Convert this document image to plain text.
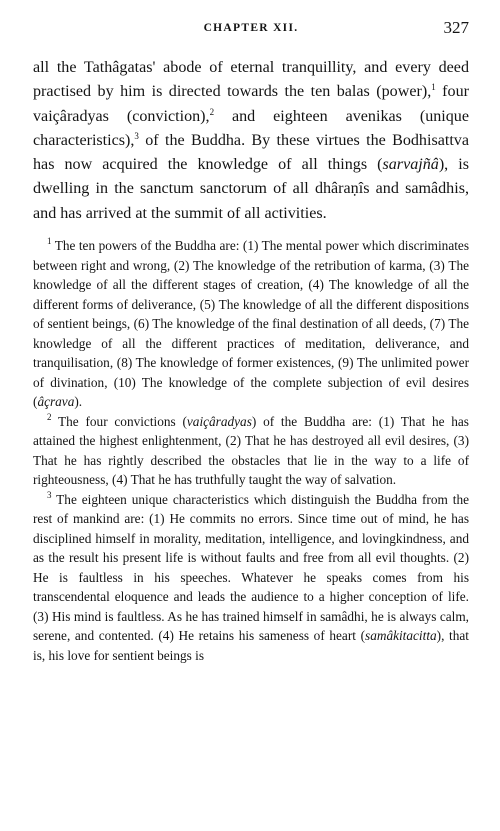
CHAPTER XII.	327

all the Tathâgatas' abode of eternal tranquillity, and every deed practised by him is directed towards the ten balas (power),$^1$ four vaiçâradyas (conviction),$^2$ and eighteen avenikas (unique characteristics),$^3$ of the Buddha. By these virtues the Bodhisattva has now acquired the knowledge of all things (sarvajñâ), is dwelling in the sanctum sanctorum of all dhâraṇîs and samâdhis, and has arrived at the summit of all activities.

$^1$ The ten powers of the Buddha are: (1) The mental power which discriminates between right and wrong, (2) The knowledge of the retribution of karma, (3) The knowledge of all the different stages of creation, (4) The knowledge of all the different forms of deliverance, (5) The knowledge of all the different dispositions of sentient beings, (6) The knowledge of the final destination of all deeds, (7) The knowledge of all the different practices of meditation, deliverance, and tranquilisation, (8) The knowledge of former existences, (9) The unlimited power of divination, (10) The knowledge of the complete subjection of evil desires (âçrava).

$^2$ The four convictions (vaiçâradyas) of the Buddha are: (1) That he has attained the highest enlightenment, (2) That he has destroyed all evil desires, (3) That he has rightly described the obstacles that lie in the way to a life of righteousness, (4) That he has truthfully taught the way of salvation.

$^3$ The eighteen unique characteristics which distinguish the Buddha from the rest of mankind are: (1) He commits no errors. Since time out of mind, he has disciplined himself in morality, meditation, intelligence, and lovingkindness, and as the result his present life is without faults and free from all evil thoughts. (2) He is faultless in his speeches. Whatever he speaks comes from his transcendental eloquence and leads the audience to a higher conception of life. (3) His mind is faultless. As he has trained himself in samâdhi, he is always calm, serene, and contented. (4) He retains his sameness of heart (samâkitacitta), that is, his love for sentient beings is
